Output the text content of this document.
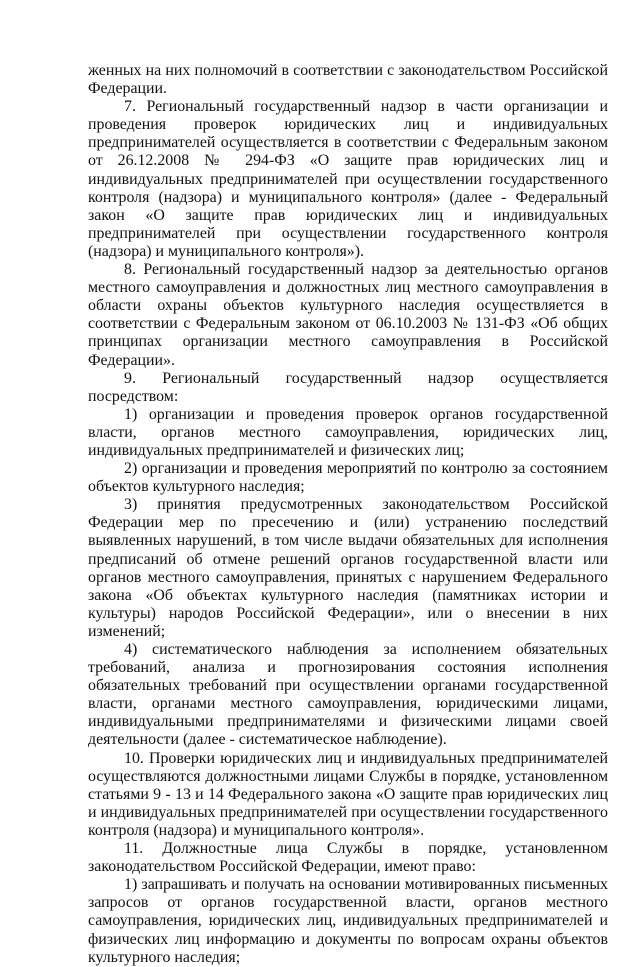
женных на них полномочий в соответствии с законодательством Российской Федерации.

7. Региональный государственный надзор в части организации и проведения проверок юридических лиц и индивидуальных предпринимателей осуществляется в соответствии с Федеральным законом от 26.12.2008 № 294-ФЗ «О защите прав юридических лиц и индивидуальных предпринимателей при осуществлении государственного контроля (надзора) и муниципального контроля» (далее - Федеральный закон «О защите прав юридических лиц и индивидуальных предпринимателей при осуществлении государственного контроля (надзора) и муниципального контроля»).

8. Региональный государственный надзор за деятельностью органов местного самоуправления и должностных лиц местного самоуправления в области охраны объектов культурного наследия осуществляется в соответствии с Федеральным законом от 06.10.2003 № 131-ФЗ «Об общих принципах организации местного самоуправления в Российской Федерации».

9. Региональный государственный надзор осуществляется посредством:

1) организации и проведения проверок органов государственной власти, органов местного самоуправления, юридических лиц, индивидуальных предпринимателей и физических лиц;

2) организации и проведения мероприятий по контролю за состоянием объектов культурного наследия;

3) принятия предусмотренных законодательством Российской Федерации мер по пресечению и (или) устранению последствий выявленных нарушений, в том числе выдачи обязательных для исполнения предписаний об отмене решений органов государственной власти или органов местного самоуправления, принятых с нарушением Федерального закона «Об объектах культурного наследия (памятниках истории и культуры) народов Российской Федерации», или о внесении в них изменений;

4) систематического наблюдения за исполнением обязательных требований, анализа и прогнозирования состояния исполнения обязательных требований при осуществлении органами государственной власти, органами местного самоуправления, юридическими лицами, индивидуальными предпринимателями и физическими лицами своей деятельности (далее - систематическое наблюдение).

10. Проверки юридических лиц и индивидуальных предпринимателей осуществляются должностными лицами Службы в порядке, установленном статьями 9 - 13 и 14 Федерального закона «О защите прав юридических лиц и индивидуальных предпринимателей при осуществлении государственного контроля (надзора) и муниципального контроля».

11. Должностные лица Службы в порядке, установленном законодательством Российской Федерации, имеют право:

1) запрашивать и получать на основании мотивированных письменных запросов от органов государственной власти, органов местного самоуправления, юридических лиц, индивидуальных предпринимателей и физических лиц информацию и документы по вопросам охраны объектов культурного наследия;
